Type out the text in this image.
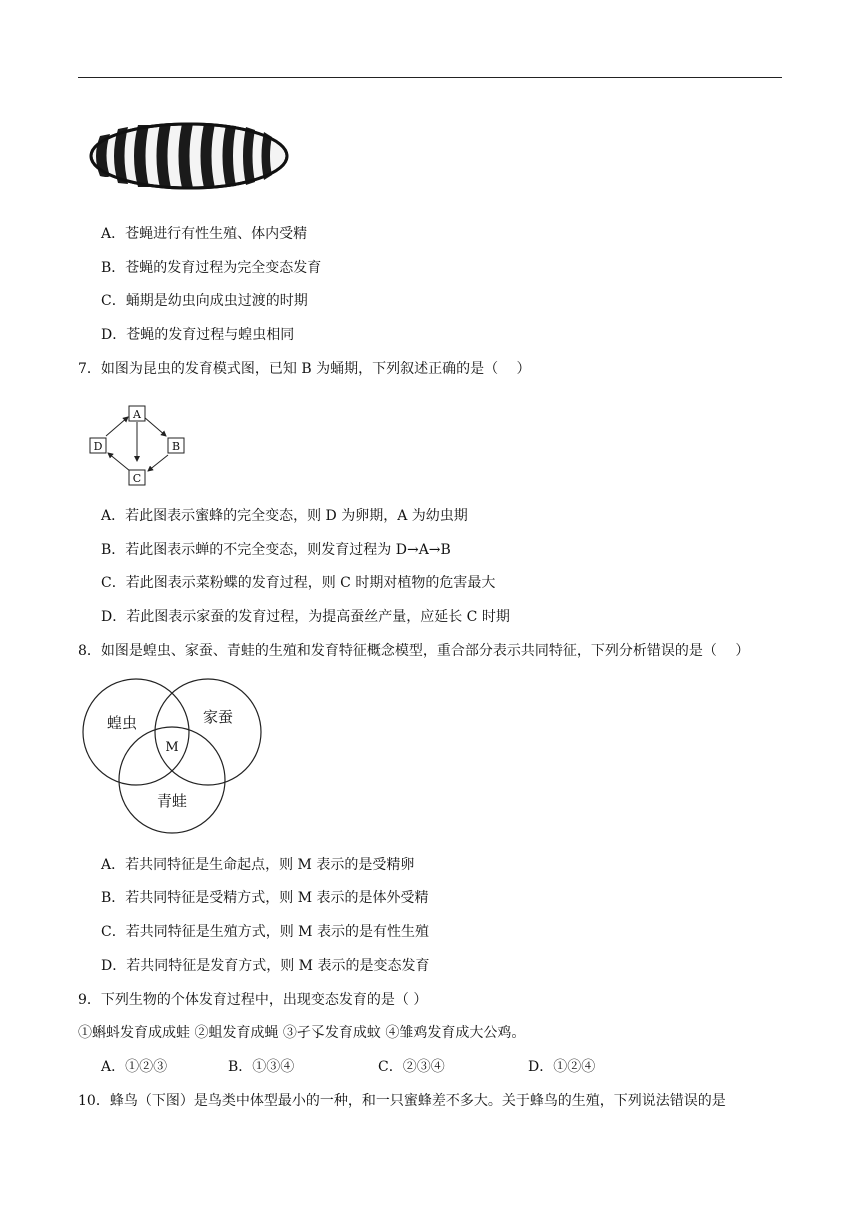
A．苍蝇进行有性生殖、体内受精
B．苍蝇的发育过程为完全变态发育
C．蛹期是幼虫向成虫过渡的时期
D．苍蝇的发育过程与蝗虫相同
7．如图为昆虫的发育模式图，已知 B 为蛹期，下列叙述正确的是（　 ）
A
B
C
D
A．若此图表示蜜蜂的完全变态，则 D 为卵期，A 为幼虫期
B．若此图表示蝉的不完全变态，则发育过程为 D→A→B
C．若此图表示菜粉蝶的发育过程，则 C 时期对植物的危害最大
D．若此图表示家蚕的发育过程，为提高蚕丝产量，应延长 C 时期
8．如图是蝗虫、家蚕、青蛙的生殖和发育特征概念模型，重合部分表示共同特征，下列分析错误的是（　 ）
蝗虫	家蚕
青蛙
M
A．若共同特征是生命起点，则 M 表示的是受精卵
B．若共同特征是受精方式，则 M 表示的是体外受精
C．若共同特征是生殖方式，则 M 表示的是有性生殖
D．若共同特征是发育方式，则 M 表示的是变态发育
9．下列生物的个体发育过程中，出现变态发育的是（ ）
①蝌蚪发育成成蛙 ②蛆发育成蝇 ③孑孓发育成蚊 ④雏鸡发育成大公鸡。
A．①②③	B．①③④	C．②③④	D．①②④
10．蜂鸟（下图）是鸟类中体型最小的一种，和一只蜜蜂差不多大。关于蜂鸟的生殖，下列说法错误的是
